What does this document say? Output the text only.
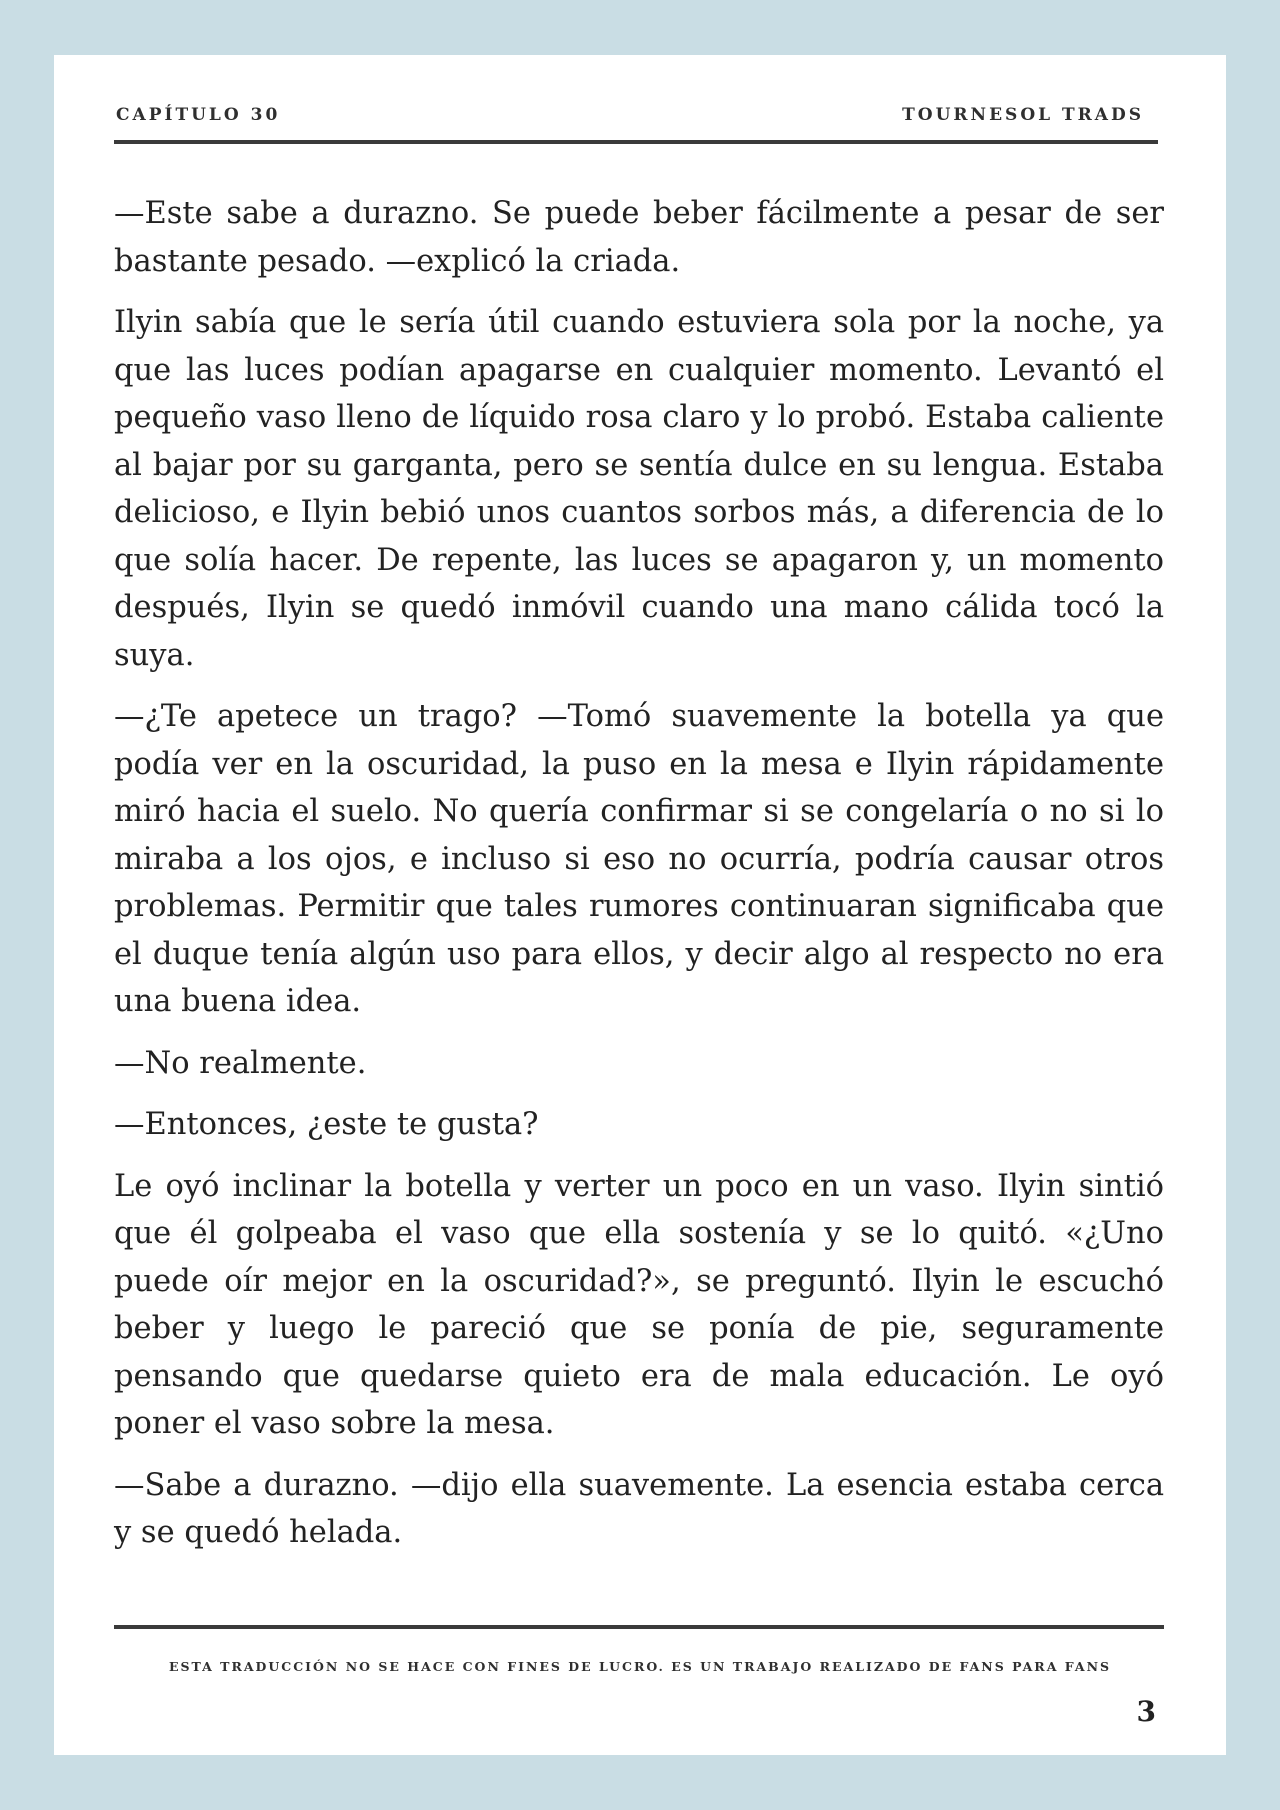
CAPÍTULO 30	TOURNESOL TRADS

—Este sabe a durazno. Se puede beber fácilmente a pesar de ser bastante pesado. —explicó la criada.

Ilyin sabía que le sería útil cuando estuviera sola por la noche, ya que las luces podían apagarse en cualquier momento. Levantó el pequeño vaso lleno de líquido rosa claro y lo probó. Estaba caliente al bajar por su garganta, pero se sentía dulce en su lengua. Estaba delicioso, e Ilyin bebió unos cuantos sorbos más, a diferencia de lo que solía hacer. De repente, las luces se apagaron y, un momento después, Ilyin se quedó inmóvil cuando una mano cálida tocó la suya.

—¿Te apetece un trago? —Tomó suavemente la botella ya que podía ver en la oscuridad, la puso en la mesa e Ilyin rápidamente miró hacia el suelo. No quería confirmar si se congelaría o no si lo miraba a los ojos, e incluso si eso no ocurría, podría causar otros problemas. Permitir que tales rumores continuaran significaba que el duque tenía algún uso para ellos, y decir algo al respecto no era una buena idea.

—No realmente.

—Entonces, ¿este te gusta?

Le oyó inclinar la botella y verter un poco en un vaso. Ilyin sintió que él golpeaba el vaso que ella sostenía y se lo quitó. «¿Uno puede oír mejor en la oscuridad?», se preguntó. Ilyin le escuchó beber y luego le pareció que se ponía de pie, seguramente pensando que quedarse quieto era de mala educación. Le oyó poner el vaso sobre la mesa.

—Sabe a durazno. —dijo ella suavemente. La esencia estaba cerca y se quedó helada.

ESTA TRADUCCIÓN NO SE HACE CON FINES DE LUCRO. ES UN TRABAJO REALIZADO DE FANS PARA FANS
3
